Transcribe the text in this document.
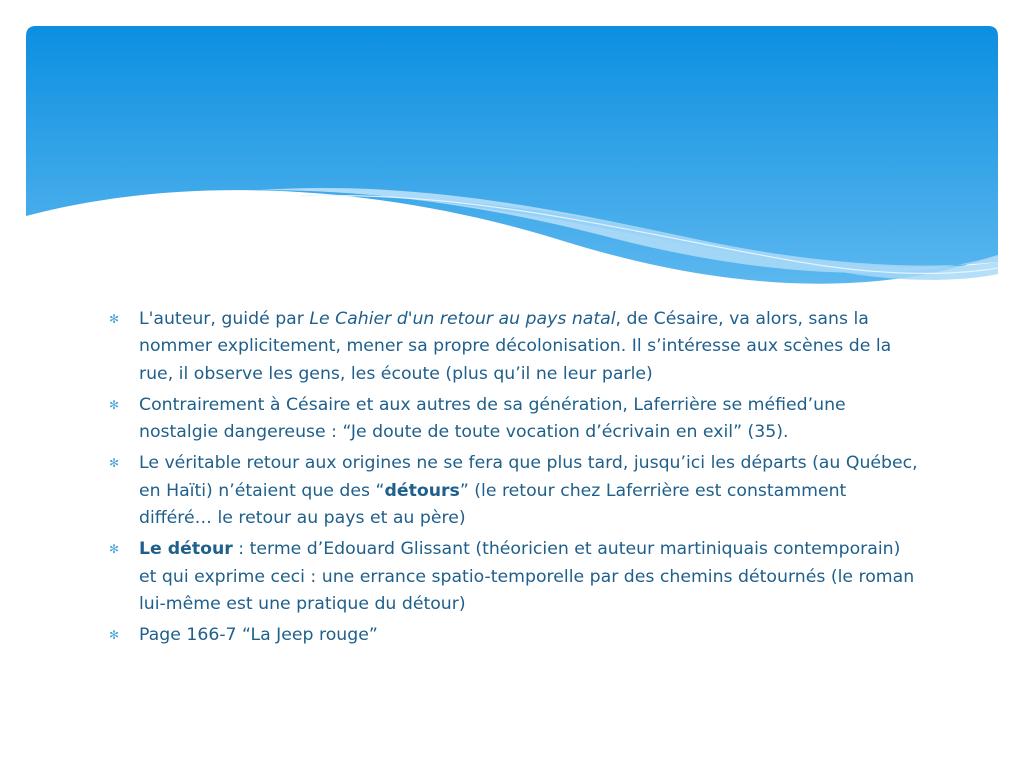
✻ L'auteur, guidé par Le Cahier d'un retour au pays natal, de Césaire, va alors, sans la nommer explicitement, mener sa propre décolonisation. Il s’intéresse aux scènes de la rue, il observe les gens, les écoute (plus qu’il ne leur parle)
✻ Contrairement à Césaire et aux autres de sa génération, Laferrière se méfied’une nostalgie dangereuse : “Je doute de toute vocation d’écrivain en exil” (35).
✻ Le véritable retour aux origines ne se fera que plus tard, jusqu’ici les départs (au Québec, en Haïti) n’étaient que des “détours” (le retour chez Laferrière est constamment différé… le retour au pays et au père)
✻ Le détour : terme d’Edouard Glissant (théoricien et auteur martiniquais contemporain) et qui exprime ceci : une errance spatio-temporelle par des chemins détournés (le roman lui-même est une pratique du détour)
✻ Page 166-7 “La Jeep rouge”
